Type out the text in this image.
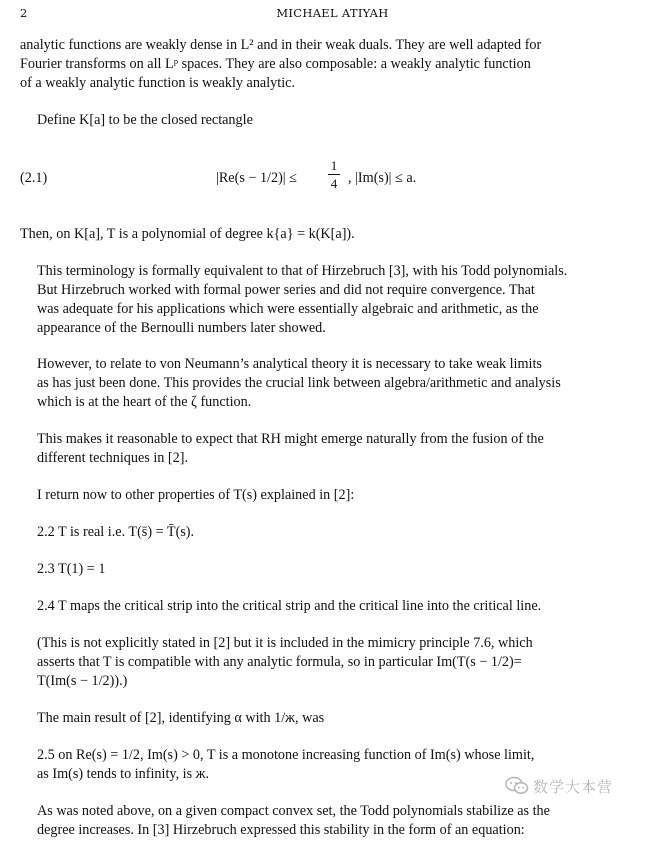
2	MICHAEL ATIYAH
analytic functions are weakly dense in L² and in their weak duals. They are well adapted for
Fourier transforms on all Lᵖ spaces. They are also composable: a weakly analytic function
of a weakly analytic function is weakly analytic.
Define K[a] to be the closed rectangle
(2.1)	|Re(s − 1/2)| ≤
1
4 , |Im(s)| ≤ a.
Then, on K[a], T is a polynomial of degree k{a} = k(K[a]).
This terminology is formally equivalent to that of Hirzebruch [3], with his Todd polynomials.
But Hirzebruch worked with formal power series and did not require convergence. That
was adequate for his applications which were essentially algebraic and arithmetic, as the
appearance of the Bernoulli numbers later showed.
However, to relate to von Neumann’s analytical theory it is necessary to take weak limits
as has just been done. This provides the crucial link between algebra/arithmetic and analysis
which is at the heart of the ζ function.
This makes it reasonable to expect that RH might emerge naturally from the fusion of the
different techniques in [2].
I return now to other properties of T(s) explained in [2]:
2.2 T is real i.e. T(s̄) = T̄(s).
2.3 T(1) = 1
2.4 T maps the critical strip into the critical strip and the critical line into the critical line.
(This is not explicitly stated in [2] but it is included in the mimicry principle 7.6, which
asserts that T is compatible with any analytic formula, so in particular Im(T(s − 1/2)=
T(Im(s − 1/2)).)
The main result of [2], identifying α with 1/ж, was
2.5 on Re(s) = 1/2, Im(s) > 0, T is a monotone increasing function of Im(s) whose limit,
as Im(s) tends to infinity, is ж.
As was noted above, on a given compact convex set, the Todd polynomials stabilize as the
degree increases. In [3] Hirzebruch expressed this stability in the form of an equation:
数学大本营
